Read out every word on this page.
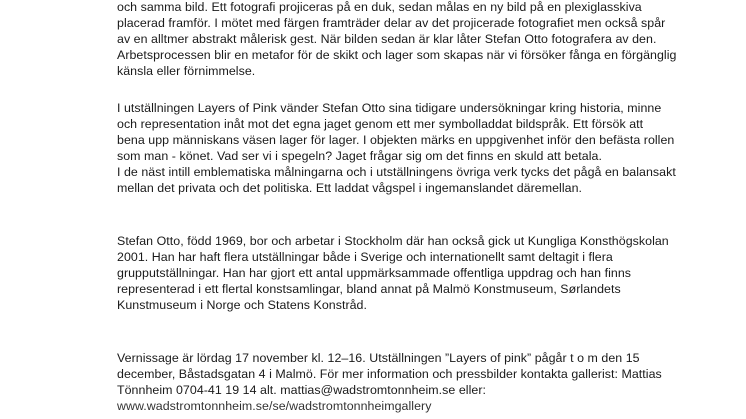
och samma bild. Ett fotografi projiceras på en duk, sedan målas en ny bild på en plexiglasskiva
placerad framför. I mötet med färgen framträder delar av det projicerade fotografiet men också spår
av en alltmer abstrakt målerisk gest. När bilden sedan är klar låter Stefan Otto fotografera av den.
Arbetsprocessen blir en metafor för de skikt och lager som skapas när vi försöker fånga en förgänglig
känsla eller förnimmelse.
I utställningen Layers of Pink vänder Stefan Otto sina tidigare undersökningar kring historia, minne
och representation inåt mot det egna jaget genom ett mer symbolladdat bildspråk. Ett försök att
bena upp människans väsen lager för lager. I objekten märks en uppgivenhet inför den befästa rollen
som man - könet. Vad ser vi i spegeln? Jaget frågar sig om det finns en skuld att betala.
I de näst intill emblematiska målningarna och i utställningens övriga verk tycks det pågå en balansakt
mellan det privata och det politiska. Ett laddat vågspel i ingemanslandet däremellan.
Stefan Otto, född 1969, bor och arbetar i Stockholm där han också gick ut Kungliga Konsthögskolan
2001. Han har haft flera utställningar både i Sverige och internationellt samt deltagit i flera
grupputställningar. Han har gjort ett antal uppmärksammade offentliga uppdrag och han finns
representerad i ett flertal konstsamlingar, bland annat på Malmö Konstmuseum, Sørlandets
Kunstmuseum i Norge och Statens Konstråd.
Vernissage är lördag 17 november kl. 12–16. Utställningen ”Layers of pink” pågår t o m den 15
december, Båstadsgatan 4 i Malmö. För mer information och pressbilder kontakta gallerist: Mattias
Tönnheim 0704-41 19 14 alt. mattias@wadstromtonnheim.se eller:
www.wadstromtonnheim.se/se/wadstromtonnheimgallery
